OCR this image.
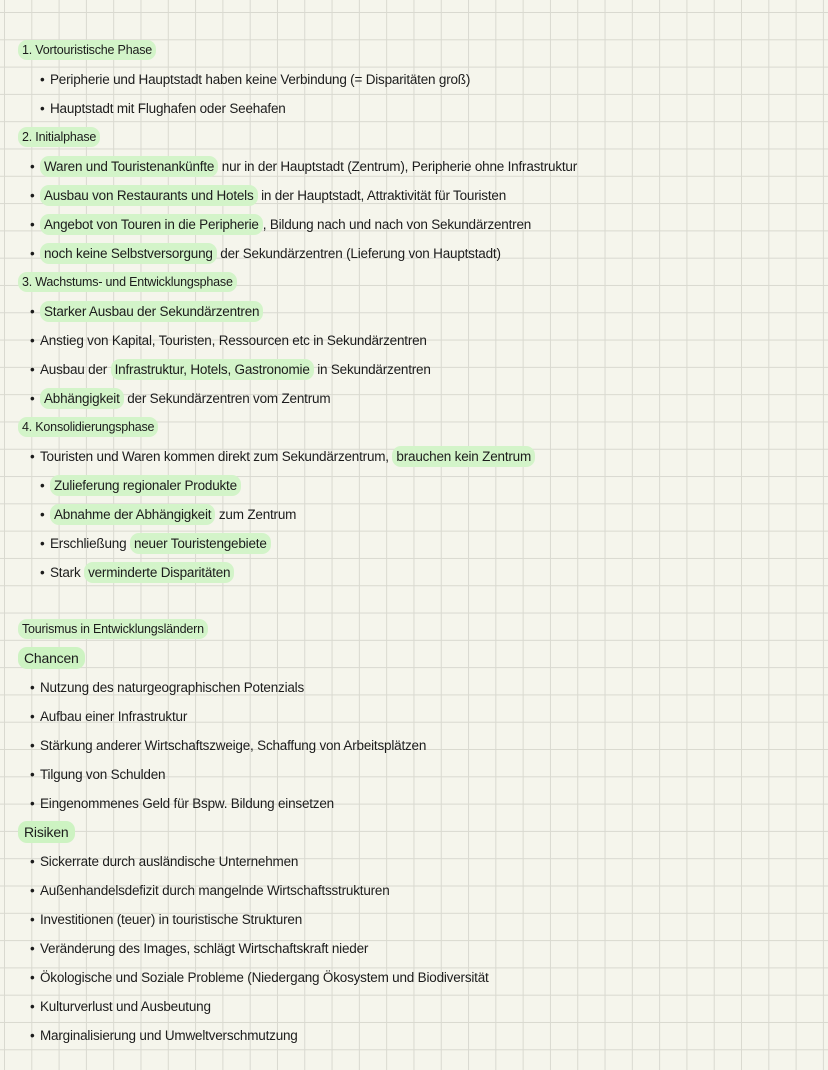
1. Vortouristische Phase
• Peripherie und Hauptstadt haben keine Verbindung (= Disparitäten groß)
• Hauptstadt mit Flughafen oder Seehafen
2. Initialphase
• Waren und Touristenankünfte nur in der Hauptstadt (Zentrum), Peripherie ohne Infrastruktur
• Ausbau von Restaurants und Hotels in der Hauptstadt, Attraktivität für Touristen
• Angebot von Touren in die Peripherie , Bildung nach und nach von Sekundärzentren
• noch keine Selbstversorgung der Sekundärzentren (Lieferung von Hauptstadt)
3. Wachstums- und Entwicklungsphase
• Starker Ausbau der Sekundärzentren
• Anstieg von Kapital, Touristen, Ressourcen etc in Sekundärzentren
• Ausbau der Infrastruktur, Hotels, Gastronomie in Sekundärzentren
• Abhängigkeit der Sekundärzentren vom Zentrum
4. Konsolidierungsphase
• Touristen und Waren kommen direkt zum Sekundärzentrum, brauchen kein Zentrum
• Zulieferung regionaler Produkte
• Abnahme der Abhängigkeit zum Zentrum
• Erschließung neuer Touristengebiete
• Stark verminderte Disparitäten
Tourismus in Entwicklungsländern
Chancen
• Nutzung des naturgeographischen Potenzials
• Aufbau einer Infrastruktur
• Stärkung anderer Wirtschaftszweige, Schaffung von Arbeitsplätzen
• Tilgung von Schulden
• Eingenommenes Geld für Bspw. Bildung einsetzen
Risiken
• Sickerrate durch ausländische Unternehmen
• Außenhandelsdefizit durch mangelnde Wirtschaftsstrukturen
• Investitionen (teuer) in touristische Strukturen
• Veränderung des Images, schlägt Wirtschaftskraft nieder
• Ökologische und Soziale Probleme (Niedergang Ökosystem und Biodiversität
• Kulturverlust und Ausbeutung
• Marginalisierung und Umweltverschmutzung
